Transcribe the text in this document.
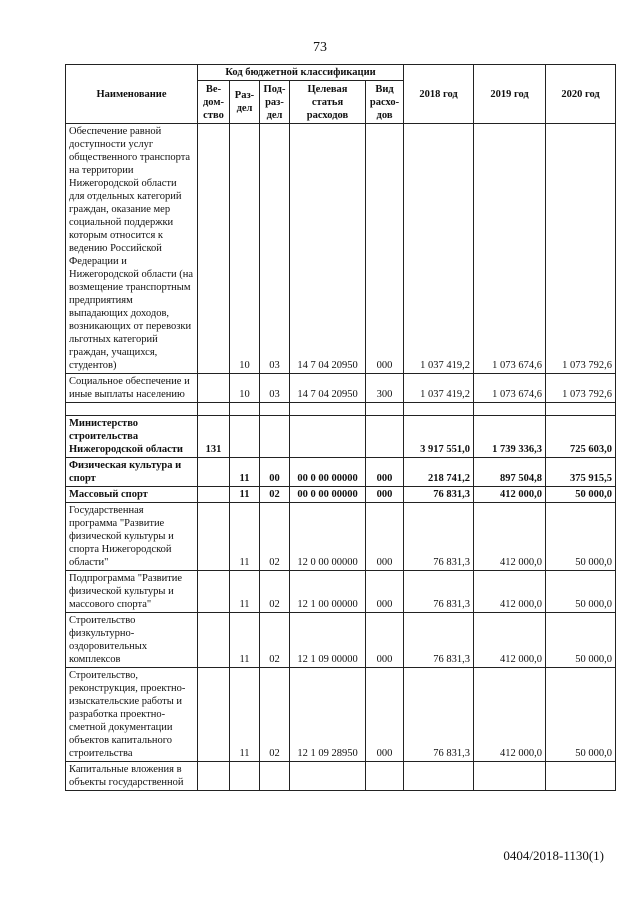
73
Наименование	Код бюджетной классификации					2018 год	2019 год	2020 год
	Ве-дом-ство	Раз-дел	Под-раз-дел	Целевая статья расходов	Вид расхо-дов			
Обеспечение равной доступности услуг общественного транспорта на территории Нижегородской области для отдельных категорий граждан, оказание мер социальной поддержки которым относится к ведению Российской Федерации и Нижегородской области (на возмещение транспортным предприятиям выпадающих доходов, возникающих от перевозки льготных категорий граждан, учащихся, студентов)		10	03	14 7 04 20950	000	1 037 419,2	1 073 674,6	1 073 792,6
Социальное обеспечение и иные выплаты населению		10	03	14 7 04 20950	300	1 037 419,2	1 073 674,6	1 073 792,6

Министерство строительства Нижегородской области	131					3 917 551,0	1 739 336,3	725 603,0
Физическая культура и спорт		11	00	00 0 00 00000	000	218 741,2	897 504,8	375 915,5
Массовый спорт		11	02	00 0 00 00000	000	76 831,3	412 000,0	50 000,0
Государственная программа "Развитие физической культуры и спорта Нижегородской области"		11	02	12 0 00 00000	000	76 831,3	412 000,0	50 000,0
Подпрограмма "Развитие физической культуры и массового спорта"		11	02	12 1 00 00000	000	76 831,3	412 000,0	50 000,0
Строительство физкультурно-оздоровительных комплексов		11	02	12 1 09 00000	000	76 831,3	412 000,0	50 000,0
Строительство, реконструкция, проектно-изыскательские работы и разработка проектно-сметной документации объектов капитального строительства		11	02	12 1 09 28950	000	76 831,3	412 000,0	50 000,0
Капитальные вложения в объекты государственной								
0404/2018-1130(1)
